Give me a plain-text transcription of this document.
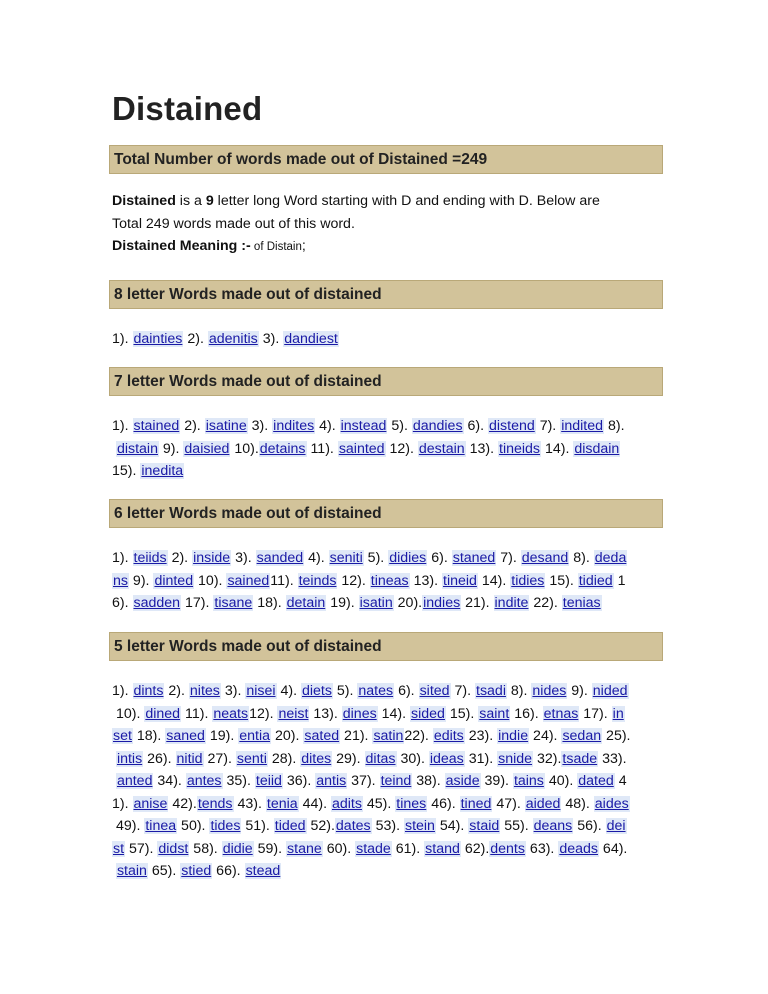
Distained
Total Number of words made out of Distained =249
Distained is a 9 letter long Word starting with D and ending with D. Below are
Total 249 words made out of this word.
Distained Meaning :- of Distain;
8 letter Words made out of distained
1). dainties 2). adenitis 3). dandiest
7 letter Words made out of distained
1). stained 2). isatine 3). indites 4). instead 5). dandies 6). distend 7). indited 8).
distain 9). daisied 10).detains 11). sainted 12). destain 13). tineids 14). disdain
15). inedita
6 letter Words made out of distained
1). teiids 2). inside 3). sanded 4). seniti 5). didies 6). staned 7). desand 8). deda
ns 9). dinted 10). sained11). teinds 12). tineas 13). tineid 14). tidies 15). tidied 1
6). sadden 17). tisane 18). detain 19). isatin 20).indies 21). indite 22). tenias
5 letter Words made out of distained
1). dints 2). nites 3). nisei 4). diets 5). nates 6). sited 7). tsadi 8). nides 9). nided
10). dined 11). neats12). neist 13). dines 14). sided 15). saint 16). etnas 17). in
set 18). saned 19). entia 20). sated 21). satin22). edits 23). indie 24). sedan 25).
intis 26). nitid 27). senti 28). dites 29). ditas 30). ideas 31). snide 32).tsade 33).
anted 34). antes 35). teiid 36). antis 37). teind 38). aside 39). tains 40). dated 4
1). anise 42).tends 43). tenia 44). adits 45). tines 46). tined 47). aided 48). aides
49). tinea 50). tides 51). tided 52).dates 53). stein 54). staid 55). deans 56). dei
st 57). didst 58). didie 59). stane 60). stade 61). stand 62).dents 63). deads 64).
stain 65). stied 66). stead
